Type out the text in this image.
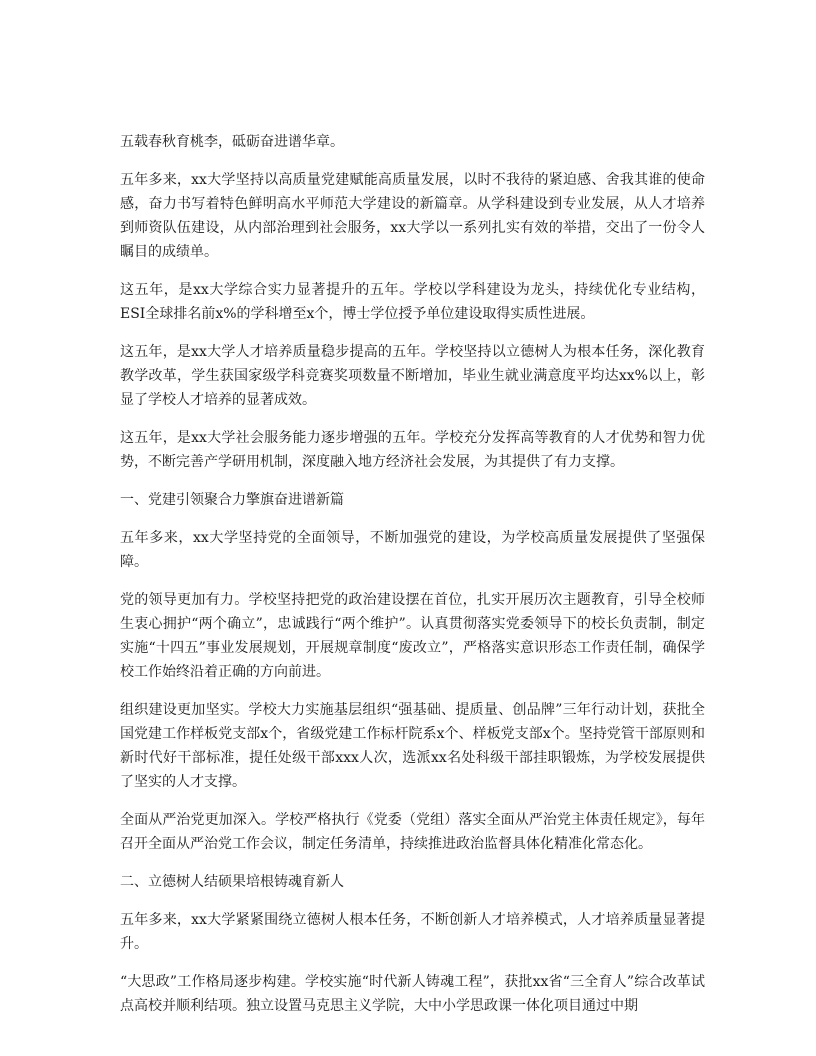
五载春秋育桃李，砥砺奋进谱华章。

五年多来，xx大学坚持以高质量党建赋能高质量发展，以时不我待的紧迫感、舍我其谁的使命感，奋力书写着特色鲜明高水平师范大学建设的新篇章。从学科建设到专业发展，从人才培养到师资队伍建设，从内部治理到社会服务，xx大学以一系列扎实有效的举措，交出了一份令人瞩目的成绩单。

这五年，是xx大学综合实力显著提升的五年。学校以学科建设为龙头，持续优化专业结构，ESI全球排名前x%的学科增至x个，博士学位授予单位建设取得实质性进展。

这五年，是xx大学人才培养质量稳步提高的五年。学校坚持以立德树人为根本任务，深化教育教学改革，学生获国家级学科竞赛奖项数量不断增加，毕业生就业满意度平均达xx%以上，彰显了学校人才培养的显著成效。

这五年，是xx大学社会服务能力逐步增强的五年。学校充分发挥高等教育的人才优势和智力优势，不断完善产学研用机制，深度融入地方经济社会发展，为其提供了有力支撑。

一、党建引领聚合力擎旗奋进谱新篇

五年多来，xx大学坚持党的全面领导，不断加强党的建设，为学校高质量发展提供了坚强保障。

党的领导更加有力。学校坚持把党的政治建设摆在首位，扎实开展历次主题教育，引导全校师生衷心拥护“两个确立”，忠诚践行“两个维护”。认真贯彻落实党委领导下的校长负责制，制定实施“十四五”事业发展规划，开展规章制度“废改立”，严格落实意识形态工作责任制，确保学校工作始终沿着正确的方向前进。

组织建设更加坚实。学校大力实施基层组织“强基础、提质量、创品牌”三年行动计划，获批全国党建工作样板党支部x个，省级党建工作标杆院系x个、样板党支部x个。坚持党管干部原则和新时代好干部标准，提任处级干部xxx人次，选派xx名处科级干部挂职锻炼，为学校发展提供了坚实的人才支撑。

全面从严治党更加深入。学校严格执行《党委（党组）落实全面从严治党主体责任规定》，每年召开全面从严治党工作会议，制定任务清单，持续推进政治监督具体化精准化常态化。

二、立德树人结硕果培根铸魂育新人

五年多来，xx大学紧紧围绕立德树人根本任务，不断创新人才培养模式，人才培养质量显著提升。

“大思政”工作格局逐步构建。学校实施“时代新人铸魂工程”，获批xx省“三全育人”综合改革试点高校并顺利结项。独立设置马克思主义学院，大中小学思政课一体化项目通过中期
